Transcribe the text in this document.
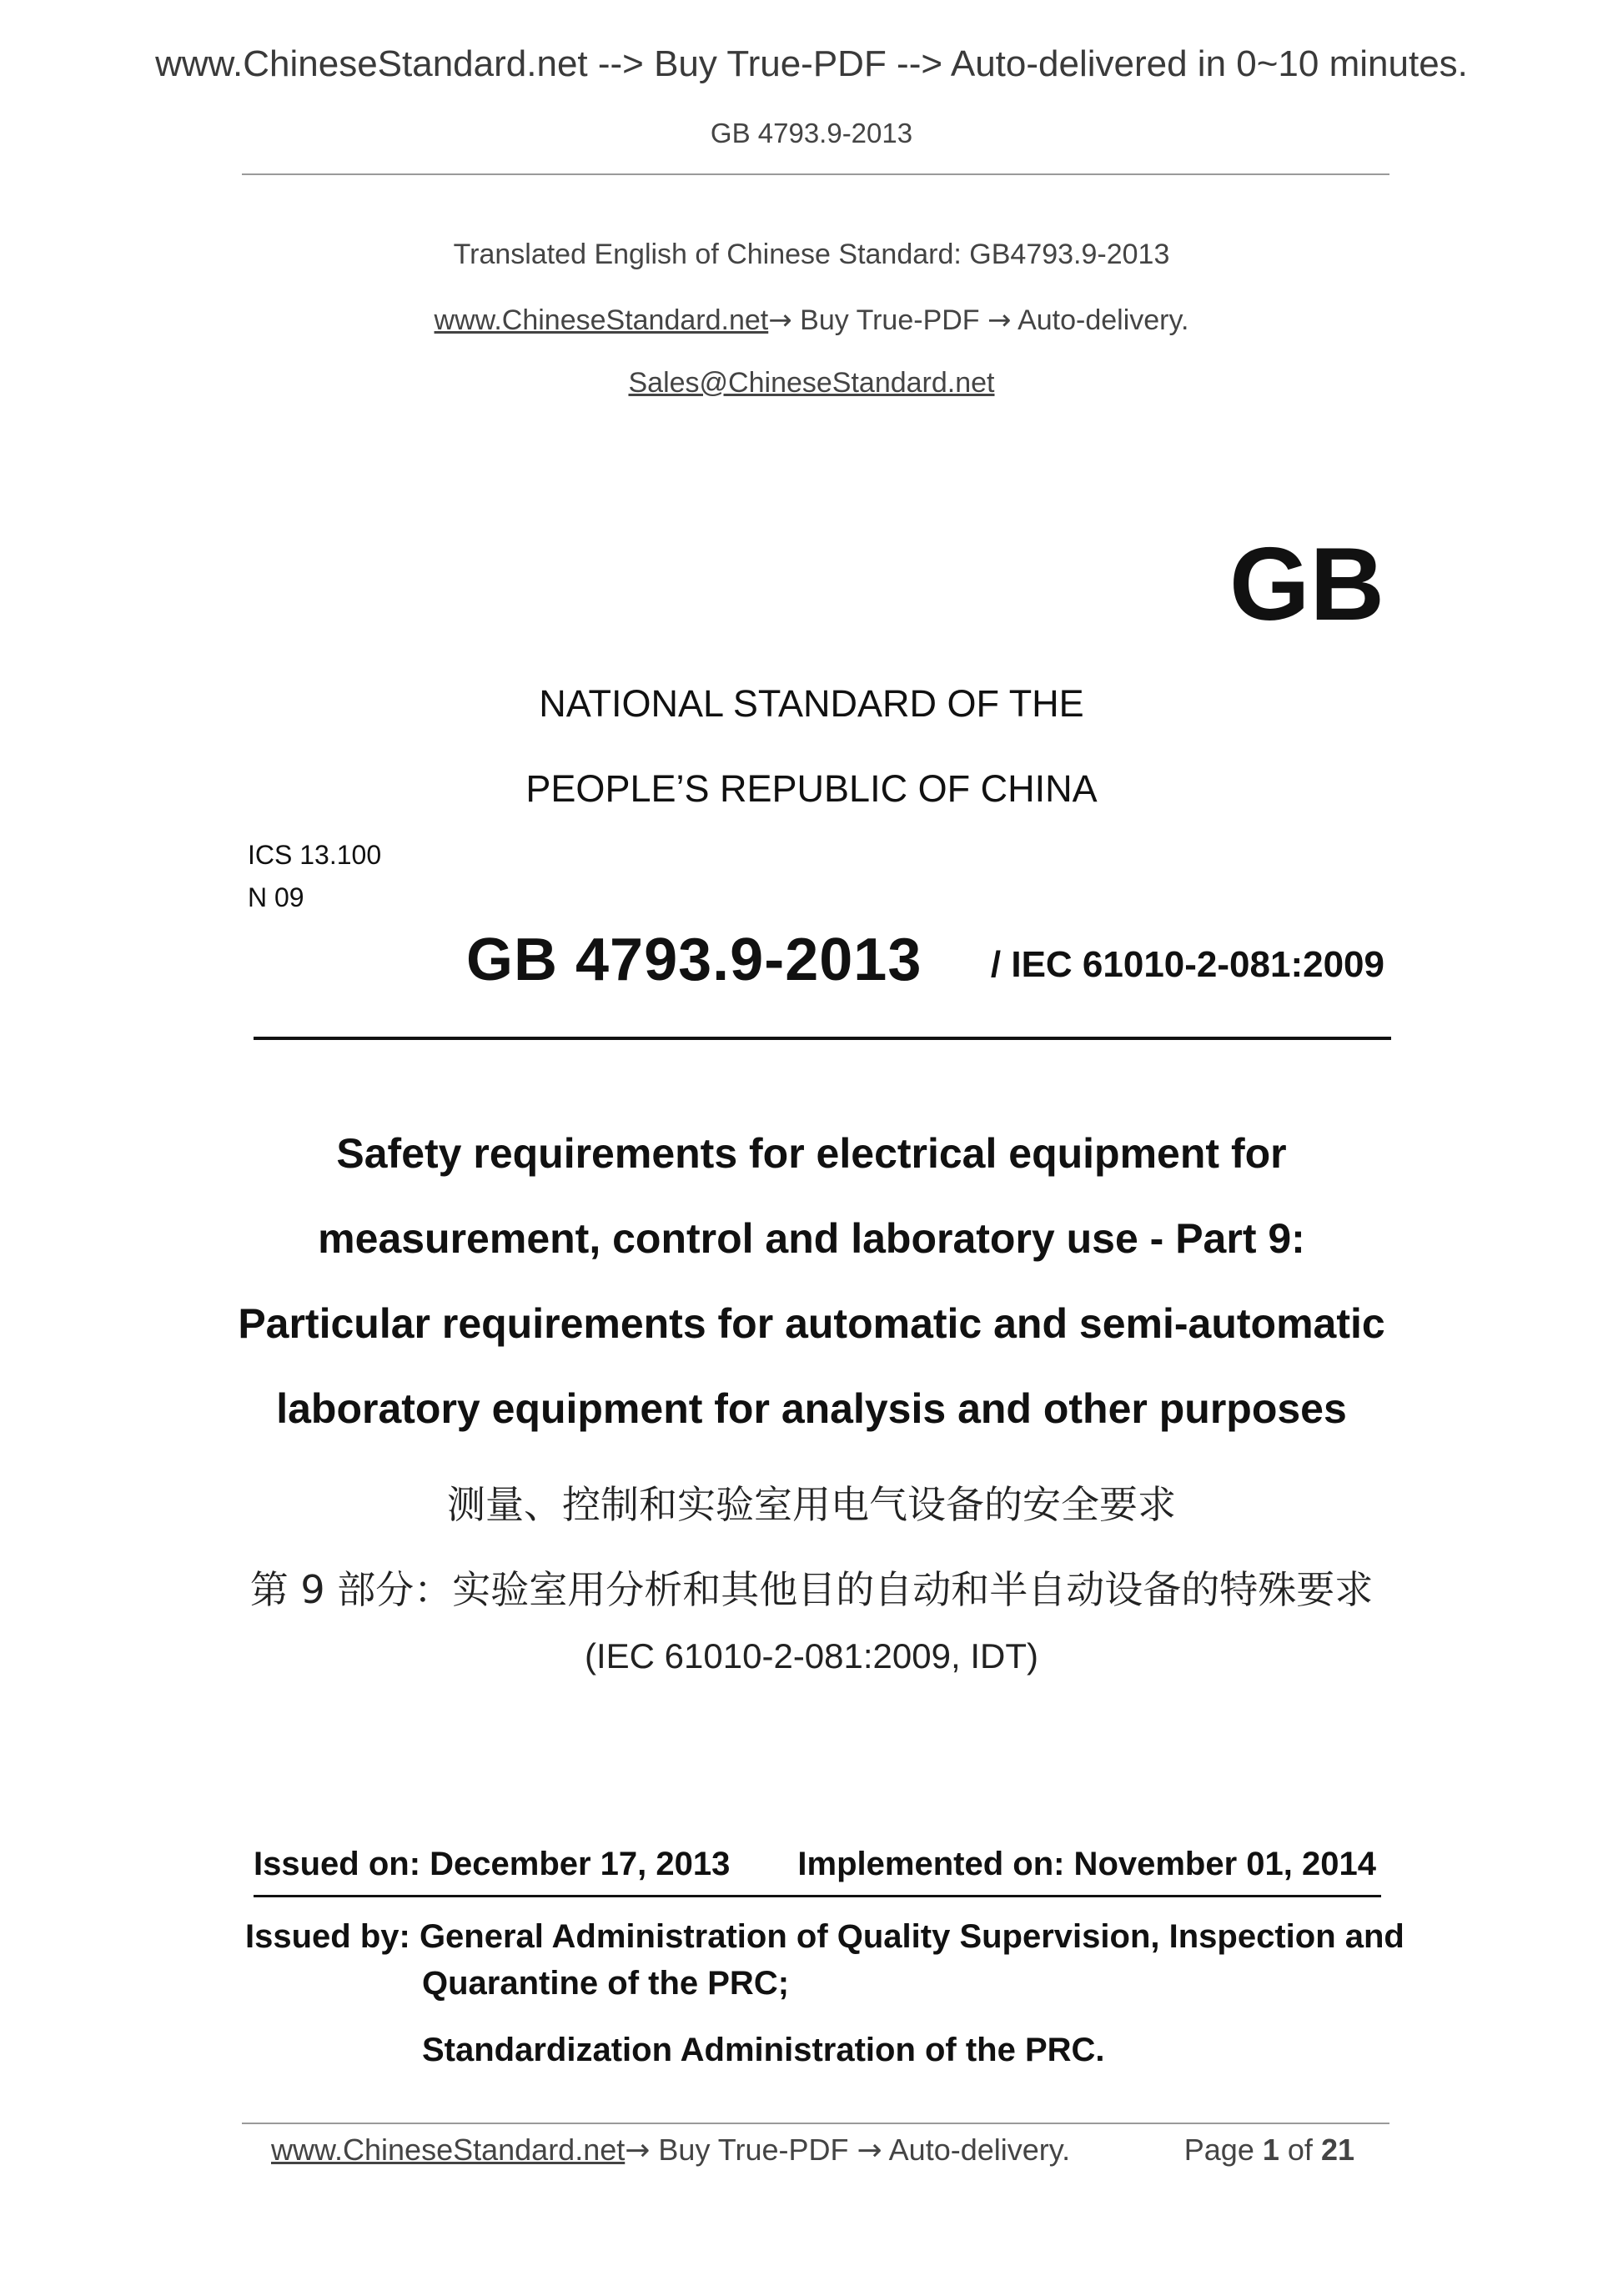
www.ChineseStandard.net --> Buy True-PDF --> Auto-delivered in 0~10 minutes.
GB 4793.9-2013
Translated English of Chinese Standard: GB4793.9-2013
www.ChineseStandard.net→ Buy True-PDF → Auto-delivery.
Sales@ChineseStandard.net
GB
NATIONAL STANDARD OF THE
PEOPLE’S REPUBLIC OF CHINA
ICS 13.100
N 09
GB 4793.9-2013 / IEC 61010-2-081:2009
Safety requirements for electrical equipment for
measurement, control and laboratory use - Part 9:
Particular requirements for automatic and semi-automatic
laboratory equipment for analysis and other purposes
测量、控制和实验室用电气设备的安全要求
第 9 部分：实验室用分析和其他目的自动和半自动设备的特殊要求
(IEC 61010-2-081:2009, IDT)
Issued on: December 17, 2013 Implemented on: November 01, 2014
Issued by: General Administration of Quality Supervision, Inspection and
Quarantine of the PRC;
Standardization Administration of the PRC.
www.ChineseStandard.net→ Buy True-PDF → Auto-delivery.	Page 1 of 21
